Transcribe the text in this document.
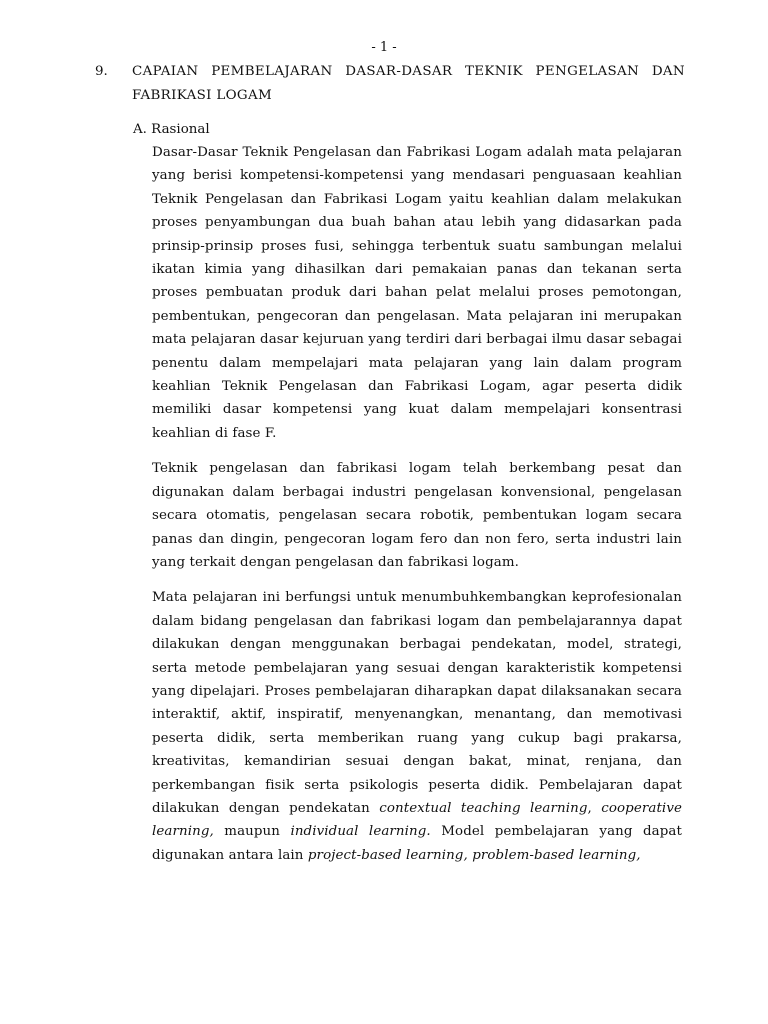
- 1 -
9. CAPAIAN PEMBELAJARAN DASAR-DASAR TEKNIK PENGELASAN DAN FABRIKASI LOGAM
A. Rasional

Dasar-Dasar Teknik Pengelasan dan Fabrikasi Logam adalah mata pelajaran yang berisi kompetensi-kompetensi yang mendasari penguasaan keahlian Teknik Pengelasan dan Fabrikasi Logam yaitu keahlian dalam melakukan proses penyambungan dua buah bahan atau lebih yang didasarkan pada prinsip-prinsip proses fusi, sehingga terbentuk suatu sambungan melalui ikatan kimia yang dihasilkan dari pemakaian panas dan tekanan serta proses pembuatan produk dari bahan pelat melalui proses pemotongan, pembentukan, pengecoran dan pengelasan. Mata pelajaran ini merupakan mata pelajaran dasar kejuruan yang terdiri dari berbagai ilmu dasar sebagai penentu dalam mempelajari mata pelajaran yang lain dalam program keahlian Teknik Pengelasan dan Fabrikasi Logam, agar peserta didik memiliki dasar kompetensi yang kuat dalam mempelajari konsentrasi keahlian di fase F.

Teknik pengelasan dan fabrikasi logam telah berkembang pesat dan digunakan dalam berbagai industri pengelasan konvensional, pengelasan secara otomatis, pengelasan secara robotik, pembentukan logam secara panas dan dingin, pengecoran logam fero dan non fero, serta industri lain yang terkait dengan pengelasan dan fabrikasi logam.

Mata pelajaran ini berfungsi untuk menumbuhkembangkan keprofesionalan dalam bidang pengelasan dan fabrikasi logam dan pembelajarannya dapat dilakukan dengan menggunakan berbagai pendekatan, model, strategi, serta metode pembelajaran yang sesuai dengan karakteristik kompetensi yang dipelajari. Proses pembelajaran diharapkan dapat dilaksanakan secara interaktif, aktif, inspiratif, menyenangkan, menantang, dan memotivasi peserta didik, serta memberikan ruang yang cukup bagi prakarsa, kreativitas, kemandirian sesuai dengan bakat, minat, renjana, dan perkembangan fisik serta psikologis peserta didik. Pembelajaran dapat dilakukan dengan pendekatan contextual teaching learning, cooperative learning, maupun individual learning. Model pembelajaran yang dapat digunakan antara lain project-based learning, problem-based learning,
